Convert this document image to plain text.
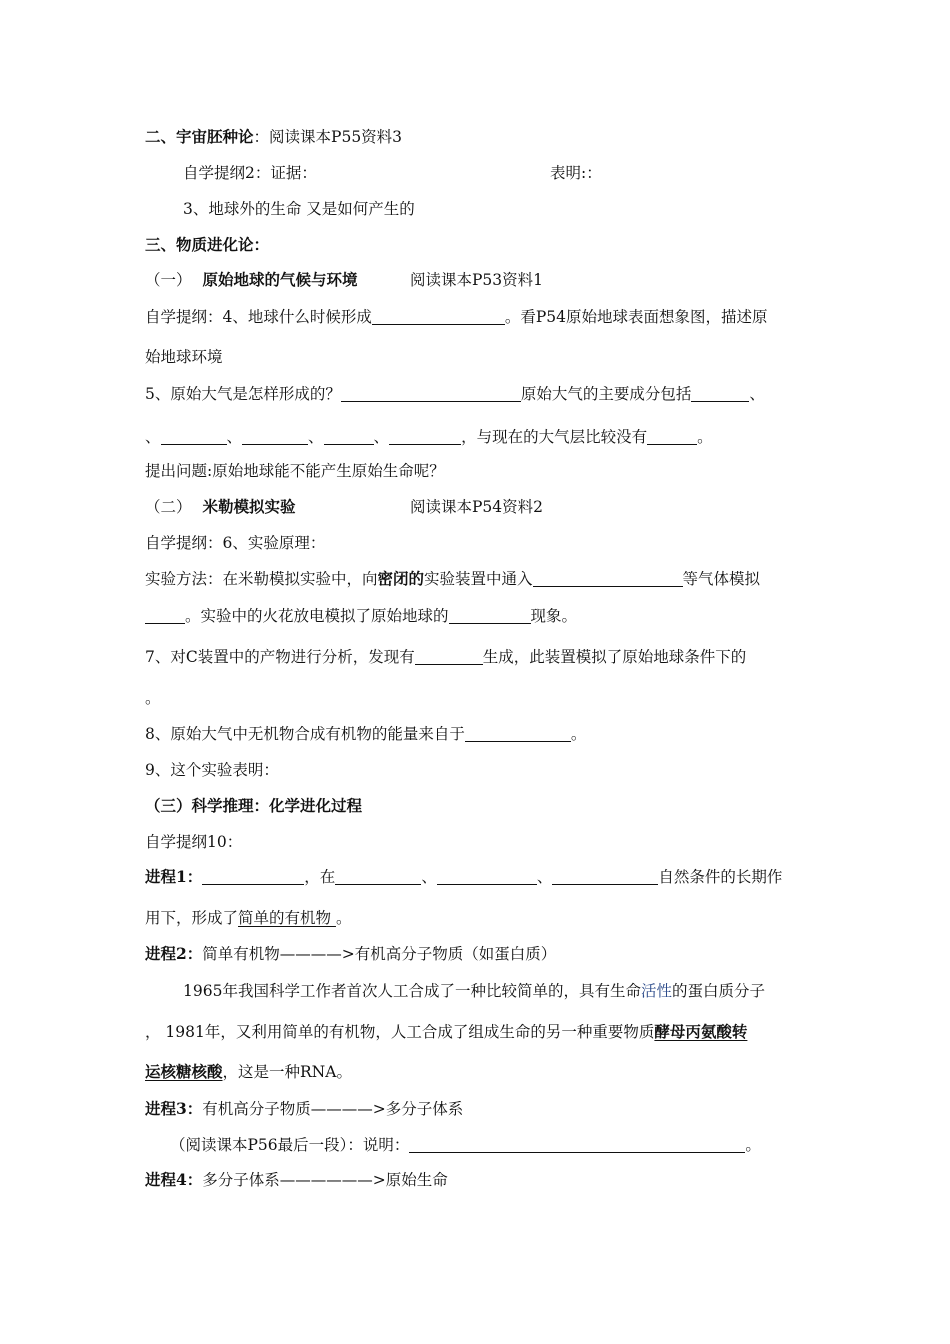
二、宇宙胚种论：阅读课本P55资料3
自学提纲2：证据：	表明:：
3、地球外的生命 又是如何产生的
三、物质进化论：
（一） 原始地球的气候与环境	阅读课本P53资料1
自学提纲：4、地球什么时候形成	。看P54原始地球表面想象图，描述原
始地球环境
5、原始大气是怎样形成的？	原始大气的主要成分包括	、
、	、	、	、	，与现在的大气层比较没有	。
提出问题:原始地球能不能产生原始生命呢？
（二） 米勒模拟实验	阅读课本P54资料2
自学提纲：6、实验原理：
实验方法：在米勒模拟实验中，向密闭的实验装置中通入	等气体模拟
。实验中的火花放电模拟了原始地球的	现象。
7、对C装置中的产物进行分析，发现有	生成，此装置模拟了原始地球条件下的
。
8、原始大气中无机物合成有机物的能量来自于	。
9、这个实验表明：
（三）科学推理：化学进化过程
自学提纲10：
进程1：	，在	、	、	自然条件的长期作
用下，形成了简单的有机物 。
进程2：简单有机物————>有机高分子物质（如蛋白质）
1965年我国科学工作者首次人工合成了一种比较简单的，具有生命活性的蛋白质分子
， 1981年，又利用简单的有机物，人工合成了组成生命的另一种重要物质酵母丙氨酸转
运核糖核酸，这是一种RNA。
进程3：有机高分子物质————>多分子体系
（阅读课本P56最后一段）：说明：	。
进程4：多分子体系——————>原始生命
